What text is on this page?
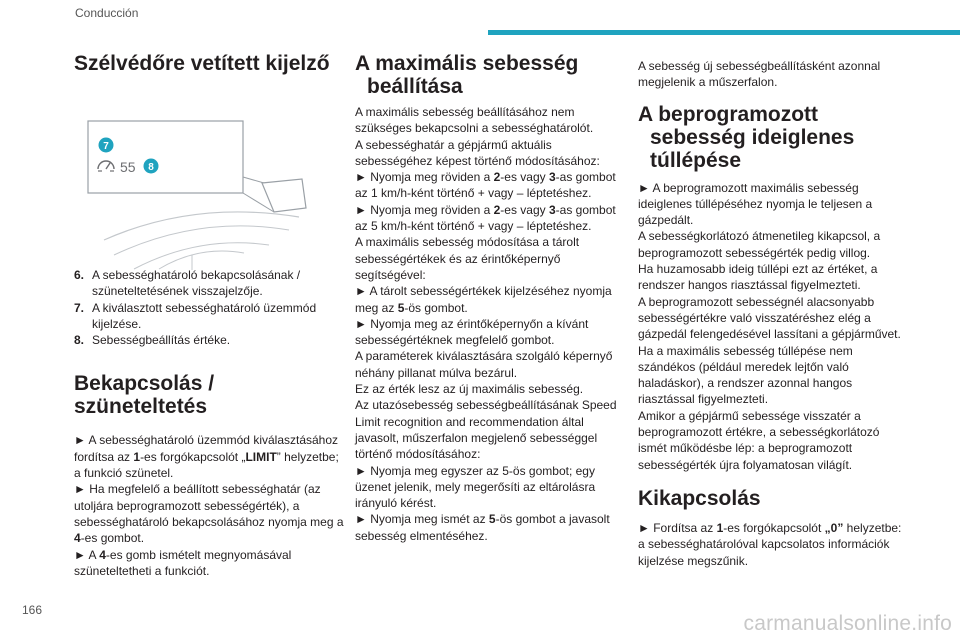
Conducción
Szélvédőre vetített kijelző
55
7
8
6. A sebességhatároló bekapcsolásának / szüneteltetésének visszajelzője.
7. A kiválasztott sebességhatároló üzemmód kijelzése.
8. Sebességbeállítás értéke.
Bekapcsolás / szüneteltetés

► A sebességhatároló üzemmód kiválasztásához fordítsa az 1-es forgókapcsolót „LIMIT” helyzetbe; a funkció szünetel.

► Ha megfelelő a beállított sebességhatár (az utoljára beprogramozott sebességérték), a sebességhatároló bekapcsolásához nyomja meg a 4-es gombot.

► A 4-es gomb ismételt megnyomásával szüneteltetheti a funkciót.

A maximális sebesség beállítása

A maximális sebesség beállításához nem szükséges bekapcsolni a sebességhatárolót.

A sebességhatár a gépjármű aktuális sebességéhez képest történő módosításához:

► Nyomja meg röviden a 2-es vagy 3-as gombot az 1 km/h-ként történő + vagy – léptetéshez.

► Nyomja meg röviden a 2-es vagy 3-as gombot az 5 km/h-ként történő + vagy – léptetéshez.

A maximális sebesség módosítása a tárolt sebességértékek és az érintőképernyő segítségével:

► A tárolt sebességértékek kijelzéséhez nyomja meg az 5-ös gombot.

► Nyomja meg az érintőképernyőn a kívánt sebességértéknek megfelelő gombot.

A paraméterek kiválasztására szolgáló képernyő néhány pillanat múlva bezárul.

Ez az érték lesz az új maximális sebesség.

Az utazósebesség sebességbeállításának Speed Limit recognition and recommendation által javasolt, műszerfalon megjelenő sebességgel történő módosításához:

► Nyomja meg egyszer az 5-ös gombot; egy üzenet jelenik, mely megerősíti az eltárolásra irányuló kérést.

► Nyomja meg ismét az 5-ös gombot a javasolt sebesség elmentéséhez.

A sebesség új sebességbeállításként azonnal megjelenik a műszerfalon.

A beprogramozott sebesség ideiglenes túllépése

► A beprogramozott maximális sebesség ideiglenes túllépéséhez nyomja le teljesen a gázpedált.

A sebességkorlátozó átmenetileg kikapcsol, a beprogramozott sebességérték pedig villog.

Ha huzamosabb ideig túllépi ezt az értéket, a rendszer hangos riasztással figyelmezteti.

A beprogramozott sebességnél alacsonyabb sebességértékre való visszatéréshez elég a gázpedál felengedésével lassítani a gépjárművet.

Ha a maximális sebesség túllépése nem szándékos (például meredek lejtőn való haladáskor), a rendszer azonnal hangos riasztással figyelmezteti.

Amikor a gépjármű sebessége visszatér a beprogramozott értékre, a sebességkorlátozó ismét működésbe lép: a beprogramozott sebességérték újra folyamatosan világít.

Kikapcsolás

► Fordítsa az 1-es forgókapcsolót „0” helyzetbe: a sebességhatárolóval kapcsolatos információk kijelzése megszűnik.

166
carmanualsonline.info
